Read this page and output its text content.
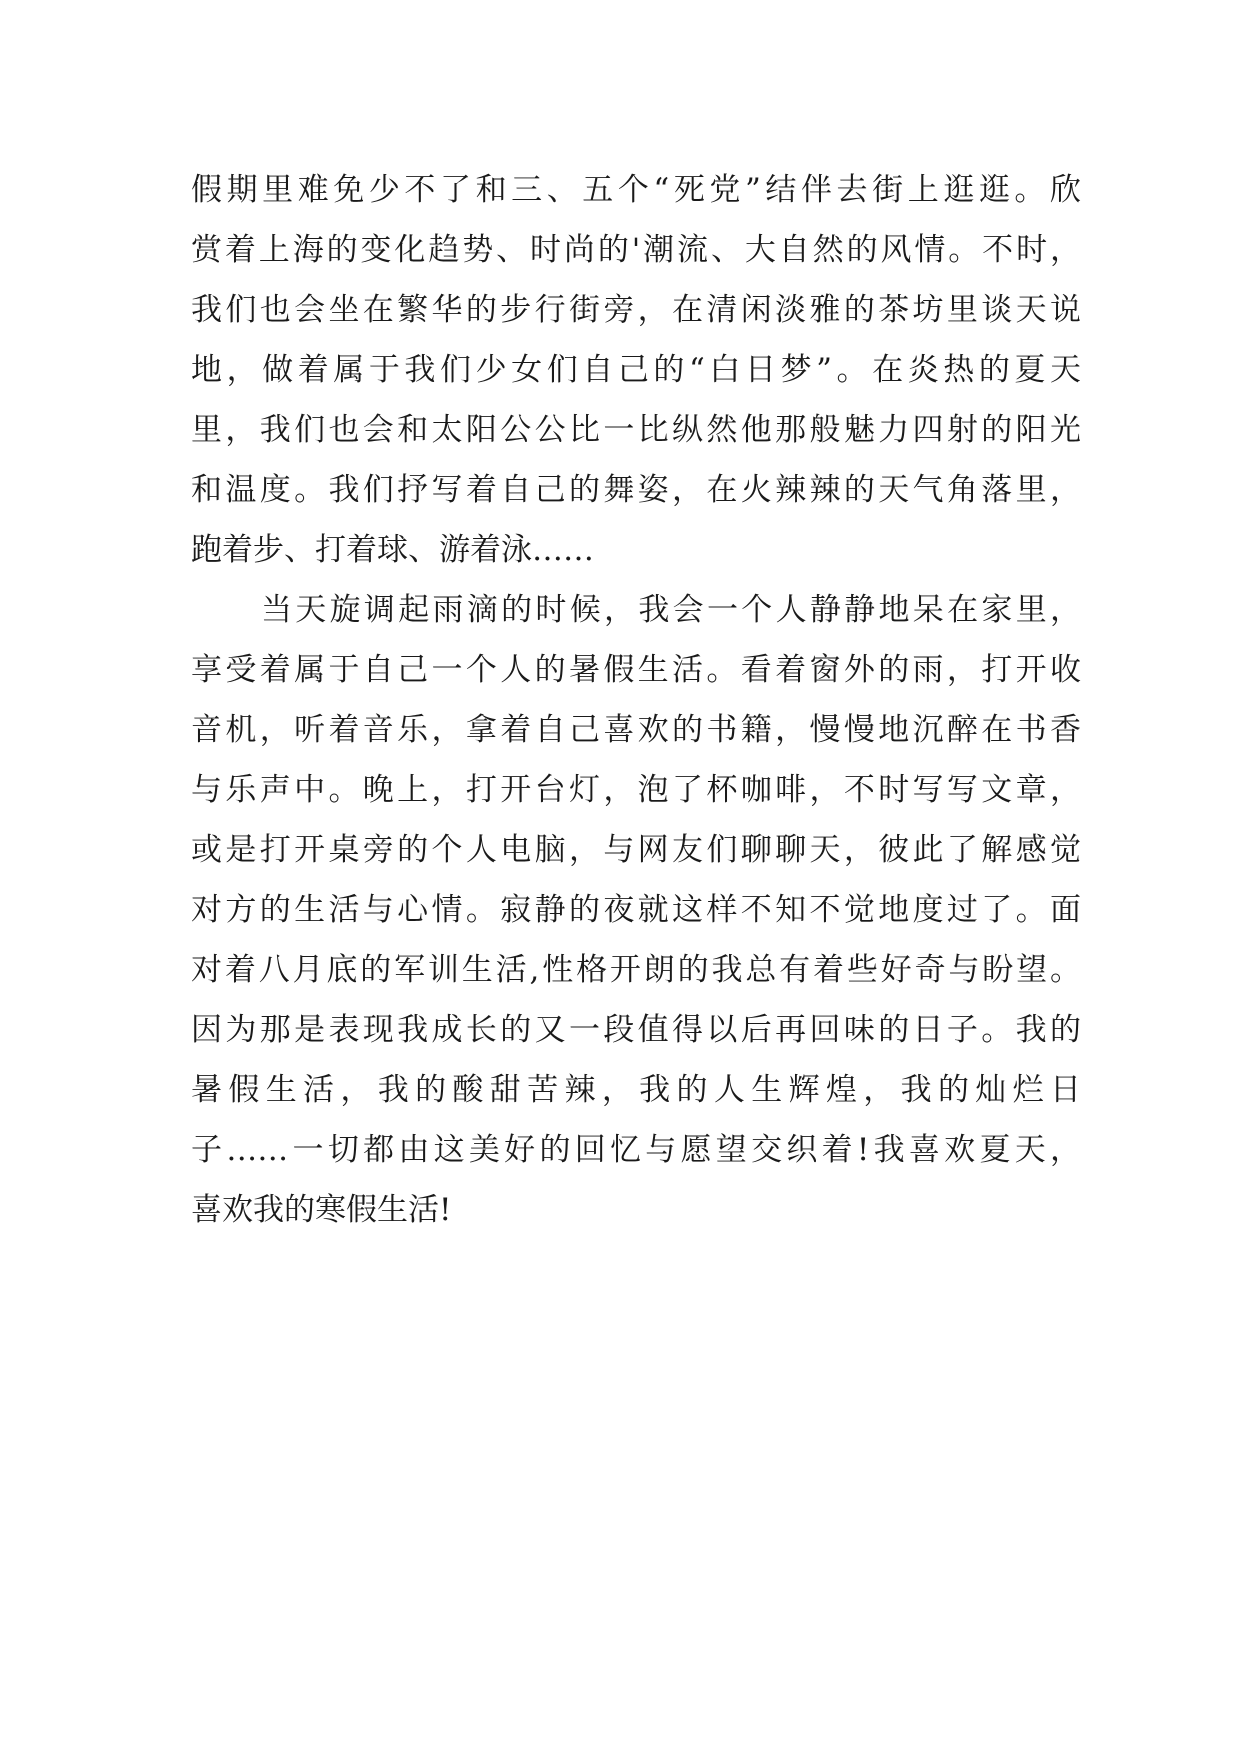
假期里难免少不了和三、五个“死党”结伴去街上逛逛。欣
赏着上海的变化趋势、时尚的'潮流、大自然的风情。不时，
我们也会坐在繁华的步行街旁，在清闲淡雅的茶坊里谈天说
地，做着属于我们少女们自己的“白日梦”。在炎热的夏天
里，我们也会和太阳公公比一比纵然他那般魅力四射的阳光
和温度。我们抒写着自己的舞姿，在火辣辣的天气角落里，
跑着步、打着球、游着泳……
当天旋调起雨滴的时候，我会一个人静静地呆在家里，
享受着属于自己一个人的暑假生活。看着窗外的雨，打开收
音机，听着音乐，拿着自己喜欢的书籍，慢慢地沉醉在书香
与乐声中。晚上，打开台灯，泡了杯咖啡，不时写写文章，
或是打开桌旁的个人电脑，与网友们聊聊天，彼此了解感觉
对方的生活与心情。寂静的夜就这样不知不觉地度过了。面
对着八月底的军训生活,性格开朗的我总有着些好奇与盼望。
因为那是表现我成长的又一段值得以后再回味的日子。我的
暑假生活，我的酸甜苦辣，我的人生辉煌，我的灿烂日
子……一切都由这美好的回忆与愿望交织着!我喜欢夏天，
喜欢我的寒假生活!
